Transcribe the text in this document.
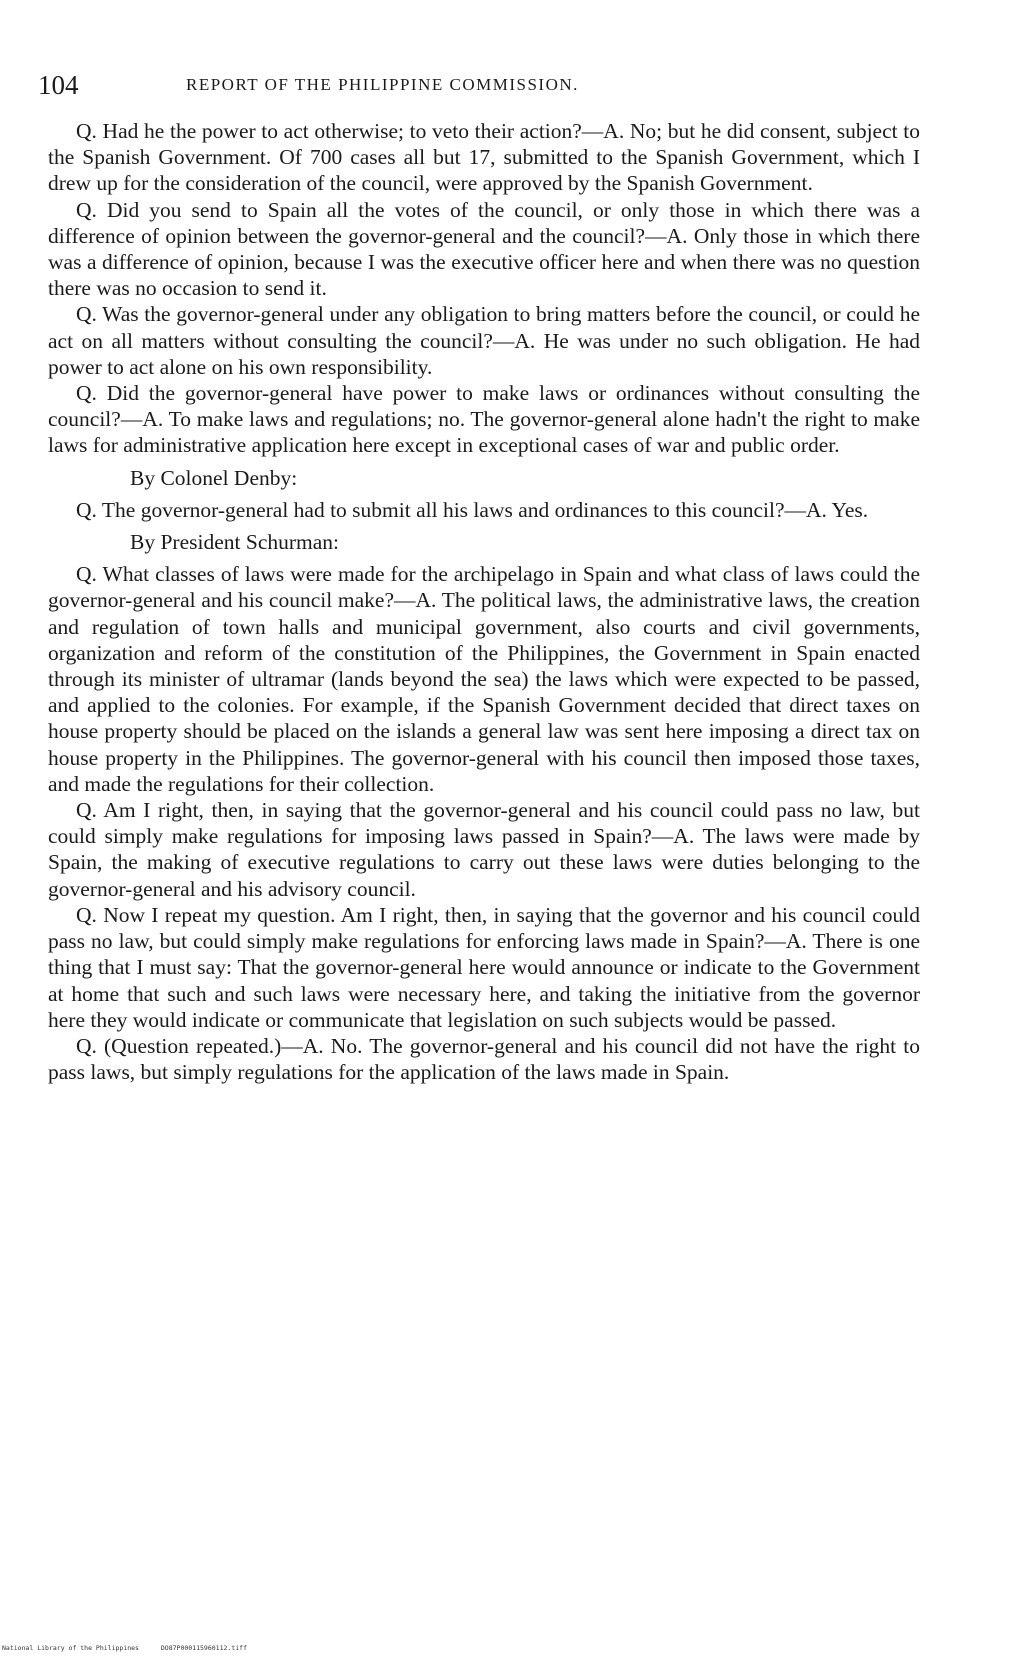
104	REPORT OF THE PHILIPPINE COMMISSION.

Q. Had he the power to act otherwise; to veto their action?—A. No; but he did consent, subject to the Spanish Government. Of 700 cases all but 17, submitted to the Spanish Government, which I drew up for the consideration of the council, were approved by the Spanish Government.

Q. Did you send to Spain all the votes of the council, or only those in which there was a difference of opinion between the governor-general and the council?—A. Only those in which there was a difference of opinion, because I was the executive officer here and when there was no question there was no occasion to send it.

Q. Was the governor-general under any obligation to bring matters before the council, or could he act on all matters without consulting the council?—A. He was under no such obligation. He had power to act alone on his own responsibility.

Q. Did the governor-general have power to make laws or ordinances without consulting the council?—A. To make laws and regulations; no. The governor-general alone hadn't the right to make laws for administrative application here except in exceptional cases of war and public order.

By Colonel Denby:

Q. The governor-general had to submit all his laws and ordinances to this council?—A. Yes.

By President Schurman:

Q. What classes of laws were made for the archipelago in Spain and what class of laws could the governor-general and his council make?—A. The political laws, the administrative laws, the creation and regulation of town halls and municipal government, also courts and civil governments, organization and reform of the constitution of the Philippines, the Government in Spain enacted through its minister of ultramar (lands beyond the sea) the laws which were expected to be passed, and applied to the colonies. For example, if the Spanish Government decided that direct taxes on house property should be placed on the islands a general law was sent here imposing a direct tax on house property in the Philippines. The governor-general with his council then imposed those taxes, and made the regulations for their collection.

Q. Am I right, then, in saying that the governor-general and his council could pass no law, but could simply make regulations for imposing laws passed in Spain?—A. The laws were made by Spain, the making of executive regulations to carry out these laws were duties belonging to the governor-general and his advisory council.

Q. Now I repeat my question. Am I right, then, in saying that the governor and his council could pass no law, but could simply make regulations for enforcing laws made in Spain?—A. There is one thing that I must say: That the governor-general here would announce or indicate to the Government at home that such and such laws were necessary here, and taking the initiative from the governor here they would indicate or communicate that legislation on such subjects would be passed.

Q. (Question repeated.)—A. No. The governor-general and his council did not have the right to pass laws, but simply regulations for the application of the laws made in Spain.

National Library of the Philippines	DO87P000115960112.tiff
